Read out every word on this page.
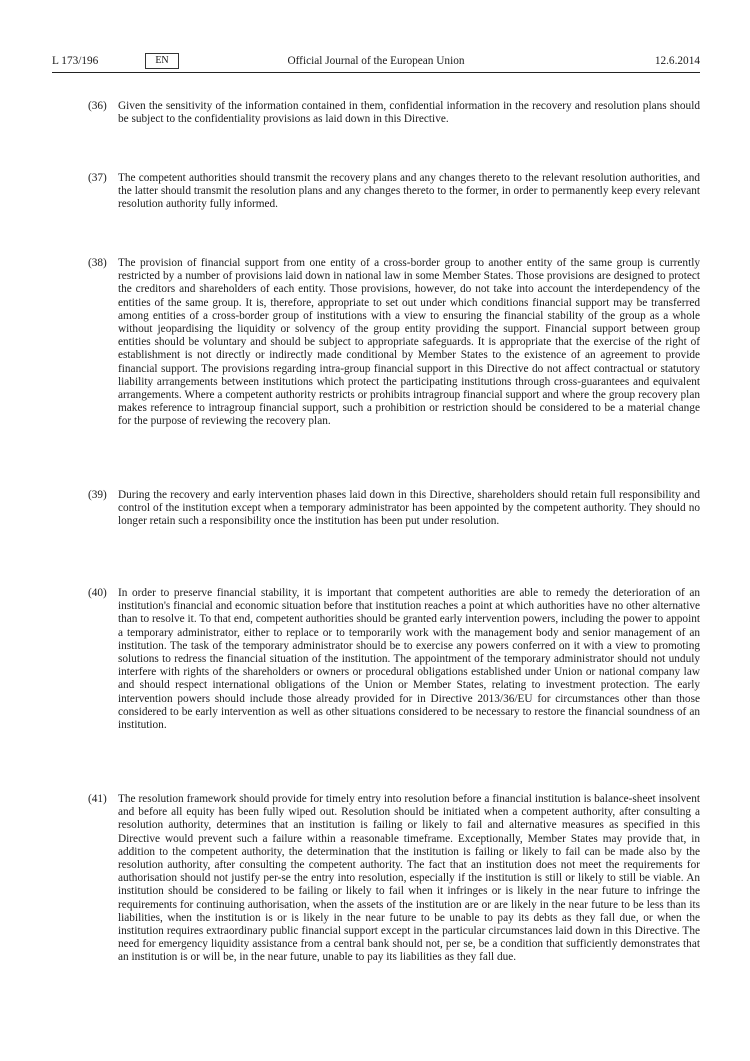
L 173/196	Official Journal of the European Union
EN	12.6.2014
(36) Given the sensitivity of the information contained in them, confidential information in the recovery and resolution plans should be subject to the confidentiality provisions as laid down in this Directive.
(37) The competent authorities should transmit the recovery plans and any changes thereto to the relevant resolution authorities, and the latter should transmit the resolution plans and any changes thereto to the former, in order to permanently keep every relevant resolution authority fully informed.
(38) The provision of financial support from one entity of a cross-border group to another entity of the same group is currently restricted by a number of provisions laid down in national law in some Member States. Those provisions are designed to protect the creditors and shareholders of each entity. Those provisions, however, do not take into account the interdependency of the entities of the same group. It is, therefore, appropriate to set out under which conditions financial support may be transferred among entities of a cross-border group of institutions with a view to ensuring the financial stability of the group as a whole without jeopardising the liquidity or solvency of the group entity providing the support. Financial support between group entities should be voluntary and should be subject to appropriate safeguards. It is appropriate that the exercise of the right of establishment is not directly or indirectly made conditional by Member States to the existence of an agreement to provide financial support. The provisions regarding intra-group financial support in this Directive do not affect contractual or statutory liability arrangements between institutions which protect the participating institutions through cross-guarantees and equivalent arrangements. Where a competent authority restricts or prohibits intragroup financial support and where the group recovery plan makes reference to intragroup financial support, such a prohibition or restriction should be considered to be a material change for the purpose of reviewing the recovery plan.
(39) During the recovery and early intervention phases laid down in this Directive, shareholders should retain full responsibility and control of the institution except when a temporary administrator has been appointed by the competent authority. They should no longer retain such a responsibility once the institution has been put under resolution.
(40) In order to preserve financial stability, it is important that competent authorities are able to remedy the deterioration of an institution's financial and economic situation before that institution reaches a point at which authorities have no other alternative than to resolve it. To that end, competent authorities should be granted early intervention powers, including the power to appoint a temporary administrator, either to replace or to temporarily work with the management body and senior management of an institution. The task of the temporary administrator should be to exercise any powers conferred on it with a view to promoting solutions to redress the financial situation of the institution. The appointment of the temporary administrator should not unduly interfere with rights of the shareholders or owners or procedural obligations established under Union or national company law and should respect international obligations of the Union or Member States, relating to investment protection. The early intervention powers should include those already provided for in Directive 2013/36/EU for circumstances other than those considered to be early intervention as well as other situations considered to be necessary to restore the financial soundness of an institution.
(41) The resolution framework should provide for timely entry into resolution before a financial institution is balance-sheet insolvent and before all equity has been fully wiped out. Resolution should be initiated when a competent authority, after consulting a resolution authority, determines that an institution is failing or likely to fail and alternative measures as specified in this Directive would prevent such a failure within a reasonable timeframe. Exceptionally, Member States may provide that, in addition to the competent authority, the determination that the institution is failing or likely to fail can be made also by the resolution authority, after consulting the competent authority. The fact that an institution does not meet the requirements for authorisation should not justify per-se the entry into resolution, especially if the institution is still or likely to still be viable. An institution should be considered to be failing or likely to fail when it infringes or is likely in the near future to infringe the requirements for continuing authorisation, when the assets of the institution are or are likely in the near future to be less than its liabilities, when the institution is or is likely in the near future to be unable to pay its debts as they fall due, or when the institution requires extraordinary public financial support except in the particular circumstances laid down in this Directive. The need for emergency liquidity assistance from a central bank should not, per se, be a condition that sufficiently demonstrates that an institution is or will be, in the near future, unable to pay its liabilities as they fall due.
